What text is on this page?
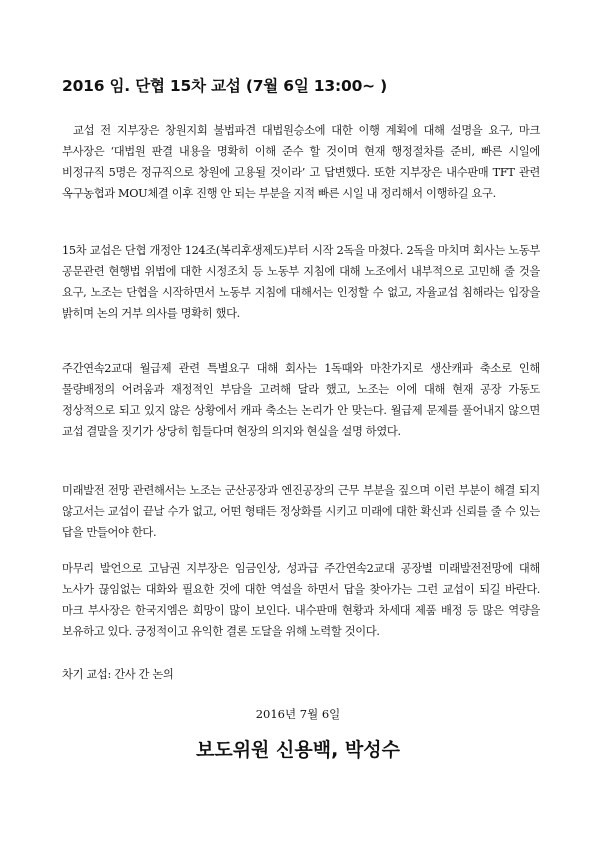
2016 임. 단협 15차 교섭 (7월 6일 13:00~ )
교섭 전 지부장은 창원지회 불법파견 대법원승소에 대한 이행 계획에 대해 설명을 요구, 마크 부사장은 ‘대법원 판결 내용을 명확히 이해 준수 할 것이며 현재 행정절차를 준비, 빠른 시일에 비정규직 5명은 정규직으로 창원에 고용될 것이라’ 고 답변했다. 또한 지부장은 내수판매 TFT 관련 옥구농협과 MOU체결 이후 진행 안 되는 부분을 지적 빠른 시일 내 정리해서 이행하길 요구.
15차 교섭은 단협 개정안 124조(복리후생제도)부터 시작 2독을 마쳤다. 2독을 마치며 회사는 노동부 공문관련 현행법 위법에 대한 시정조치 등 노동부 지침에 대해 노조에서 내부적으로 고민해 줄 것을 요구, 노조는 단협을 시작하면서 노동부 지침에 대해서는 인정할 수 없고, 자율교섭 침해라는 입장을 밝히며 논의 거부 의사를 명확히 했다.
주간연속2교대 월급제 관련 특별요구 대해 회사는 1독때와 마찬가지로 생산캐파 축소로 인해 물량배정의 어려움과 재정적인 부담을 고려해 달라 했고, 노조는 이에 대해 현재 공장 가동도 정상적으로 되고 있지 않은 상황에서 캐파 축소는 논리가 안 맞는다. 월급제 문제를 풀어내지 않으면 교섭 결말을 짓기가 상당히 힘들다며 현장의 의지와 현실을 설명 하였다.
미래발전 전망 관련해서는 노조는 군산공장과 엔진공장의 근무 부분을 짚으며 이런 부분이 해결 되지 않고서는 교섭이 끝날 수가 없고, 어떤 형태든 정상화를 시키고 미래에 대한 확신과 신뢰를 줄 수 있는 답을 만들어야 한다.
마무리 발언으로 고남권 지부장은 임금인상, 성과급 주간연속2교대 공장별 미래발전전망에 대해 노사가 끊임없는 대화와 필요한 것에 대한 역설을 하면서 답을 찾아가는 그런 교섭이 되길 바란다. 마크 부사장은 한국지엠은 희망이 많이 보인다. 내수판매 현황과 차세대 제품 배정 등 많은 역량을 보유하고 있다. 긍정적이고 유익한 결론 도달을 위해 노력할 것이다.
차기 교섭: 간사 간 논의
2016년 7월 6일
보도위원 신용백, 박성수
